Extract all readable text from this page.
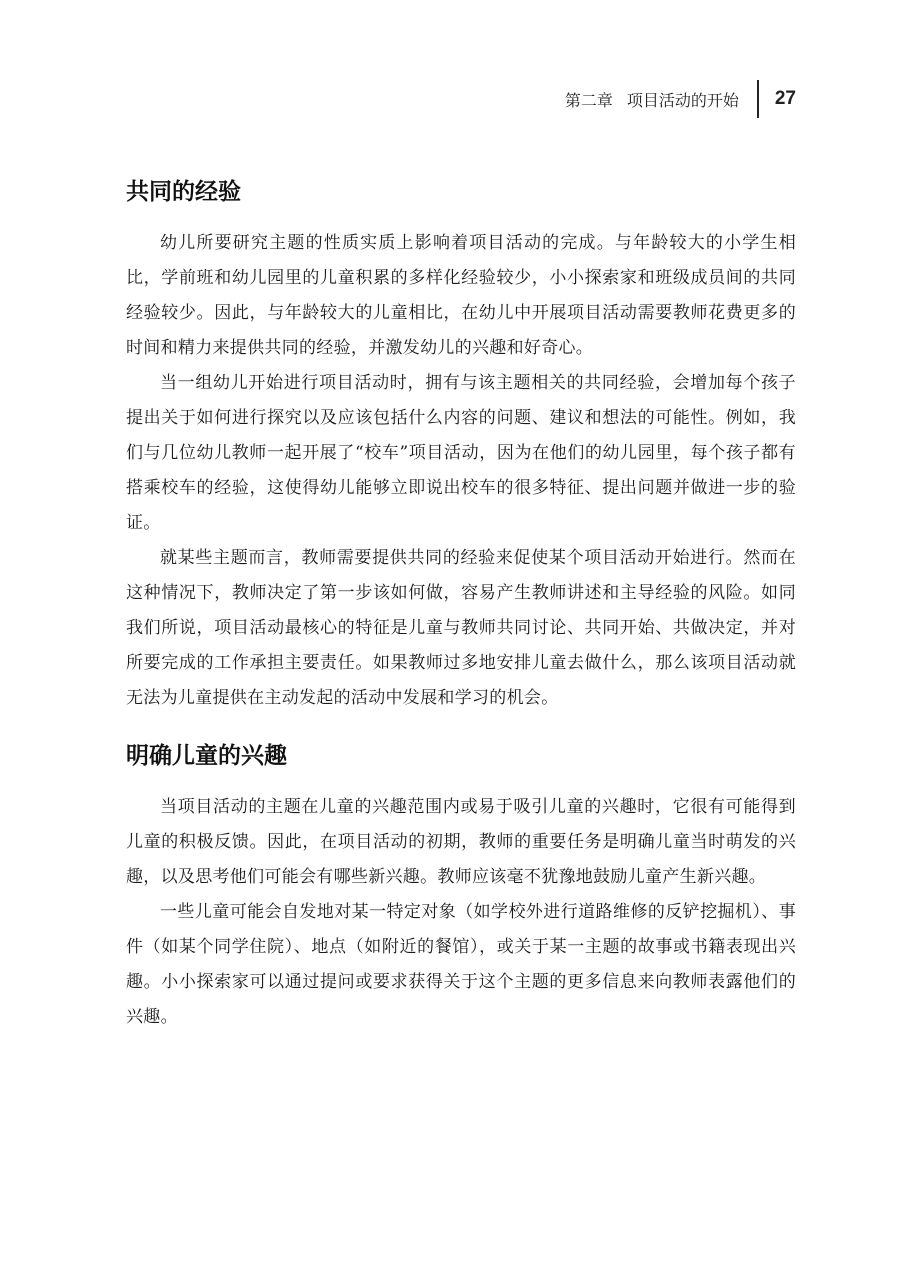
第二章 项目活动的开始 27
共同的经验

幼儿所要研究主题的性质实质上影响着项目活动的完成。与年龄较大的小学生相比，学前班和幼儿园里的儿童积累的多样化经验较少，小小探索家和班级成员间的共同经验较少。因此，与年龄较大的儿童相比，在幼儿中开展项目活动需要教师花费更多的时间和精力来提供共同的经验，并激发幼儿的兴趣和好奇心。

当一组幼儿开始进行项目活动时，拥有与该主题相关的共同经验，会增加每个孩子提出关于如何进行探究以及应该包括什么内容的问题、建议和想法的可能性。例如，我们与几位幼儿教师一起开展了“校车”项目活动，因为在他们的幼儿园里，每个孩子都有搭乘校车的经验，这使得幼儿能够立即说出校车的很多特征、提出问题并做进一步的验证。

就某些主题而言，教师需要提供共同的经验来促使某个项目活动开始进行。然而在这种情况下，教师决定了第一步该如何做，容易产生教师讲述和主导经验的风险。如同我们所说，项目活动最核心的特征是儿童与教师共同讨论、共同开始、共做决定，并对所要完成的工作承担主要责任。如果教师过多地安排儿童去做什么，那么该项目活动就无法为儿童提供在主动发起的活动中发展和学习的机会。

明确儿童的兴趣

当项目活动的主题在儿童的兴趣范围内或易于吸引儿童的兴趣时，它很有可能得到儿童的积极反馈。因此，在项目活动的初期，教师的重要任务是明确儿童当时萌发的兴趣，以及思考他们可能会有哪些新兴趣。教师应该毫不犹豫地鼓励儿童产生新兴趣。

一些儿童可能会自发地对某一特定对象（如学校外进行道路维修的反铲挖掘机）、事件（如某个同学住院）、地点（如附近的餐馆），或关于某一主题的故事或书籍表现出兴趣。小小探索家可以通过提问或要求获得关于这个主题的更多信息来向教师表露他们的兴趣。
